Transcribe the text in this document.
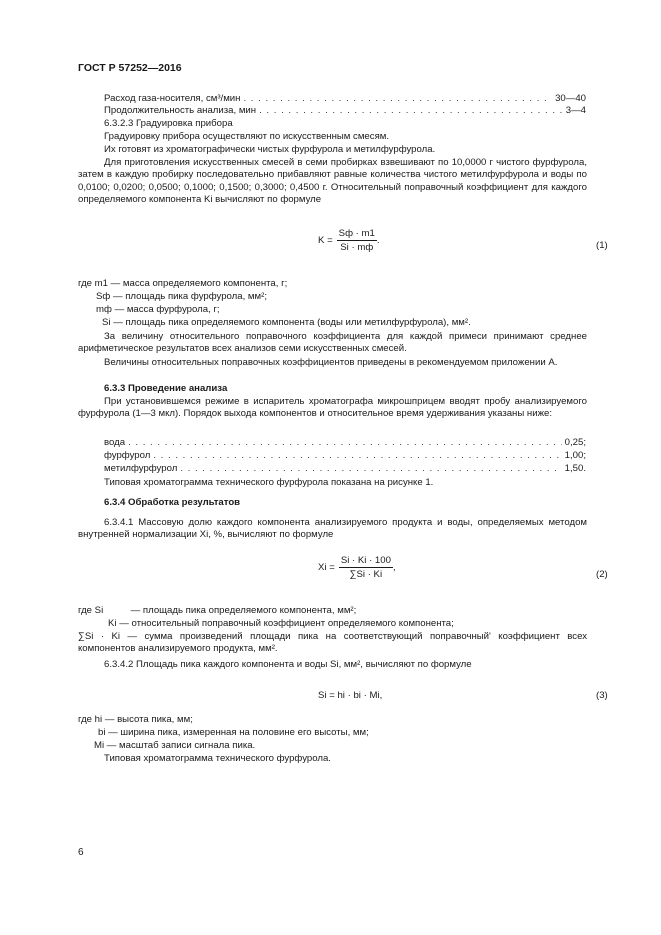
ГОСТ Р 57252—2016
Расход газа-носителя, см³/мин . . .	30—40
Продолжительность анализа, мин . . .	3—4
6.3.2.3 Градуировка прибора
Градуировку прибора осуществляют по искусственным смесям.
Их готовят из хроматографически чистых фурфурола и метилфурфурола.
Для приготовления искусственных смесей в семи пробирках взвешивают по 10,0000 г чистого фурфурола, затем в каждую пробирку последовательно прибавляют равные количества чистого метилфурфурола и воды по 0,0100; 0,0200; 0,0500; 0,1000; 0,1500; 0,3000; 0,4500 г. Относительный поправочный коэффициент для каждого определяемого компонента Ki вычисляют по формуле
$K = \frac{Sф \cdot m1}{Si \cdot mф}$ .	(1)
где m1 — масса определяемого компонента, г;
Sф — площадь пика фурфурола, мм²;
mф — масса фурфурола, г;
Si — площадь пика определяемого компонента (воды или метилфурфурола), мм².
За величину относительного поправочного коэффициента для каждой примеси принимают среднее арифметическое результатов всех анализов семи искусственных смесей.
Величины относительных поправочных коэффициентов приведены в рекомендуемом приложении А.
6.3.3 Проведение анализа
При установившемся режиме в испаритель хроматографа микрошприцем вводят пробу анализируемого фурфурола (1—3 мкл). Порядок выхода компонентов и относительное время удерживания указаны ниже:
вода . . .	0,25;
фурфурол . . .	1,00;
метилфурфурол . . .	1,50.
Типовая хроматограмма технического фурфурола показана на рисунке 1.
6.3.4 Обработка результатов
6.3.4.1 Массовую долю каждого компонента анализируемого продукта и воды, определяемых методом внутренней нормализации Xi, %, вычисляют по формуле
$Xi = \frac{Si \cdot Ki \cdot 100}{\sum Si \cdot Ki}$ ,
(2)
где Si	— площадь пика определяемого компонента, мм²;
Ki — относительный поправочный коэффициент определяемого компонента;
∑Si · Ki — сумма произведений площади пика на соответствующий поправочный' коэффициент всех компонентов анализируемого продукта, мм².
6.3.4.2 Площадь пика каждого компонента и воды Si, мм², вычисляют по формуле
Si = hi · bi · Mi,	(3)
где hi — высота пика, мм;
bi — ширина пика, измеренная на половине его высоты, мм;
Mi — масштаб записи сигнала пика.
Типовая хроматограмма технического фурфурола.
6
